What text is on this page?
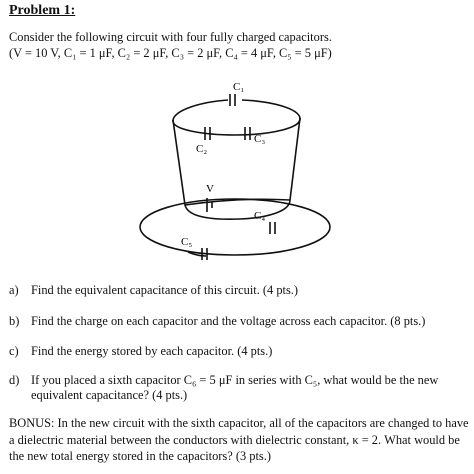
Problem 1:

Consider the following circuit with four fully charged capacitors.

(V = 10 V, C₁ = 1 μF, C₂ = 2 μF, C₃ = 2 μF, C₄ = 4 μF, C₅ = 5 μF)

C₁
C₂
C₃
V
C₄
C₅

a) Find the equivalent capacitance of this circuit. (4 pts.)

b) Find the charge on each capacitor and the voltage across each capacitor. (8 pts.)

c) Find the energy stored by each capacitor. (4 pts.)

d) If you placed a sixth capacitor C₆ = 5 μF in series with C₅, what would be the new
equivalent capacitance? (4 pts.)

BONUS: In the new circuit with the sixth capacitor, all of the capacitors are changed to have a dielectric material between the conductors with dielectric constant, κ = 2. What would be the new total energy stored in the capacitors? (3 pts.)
